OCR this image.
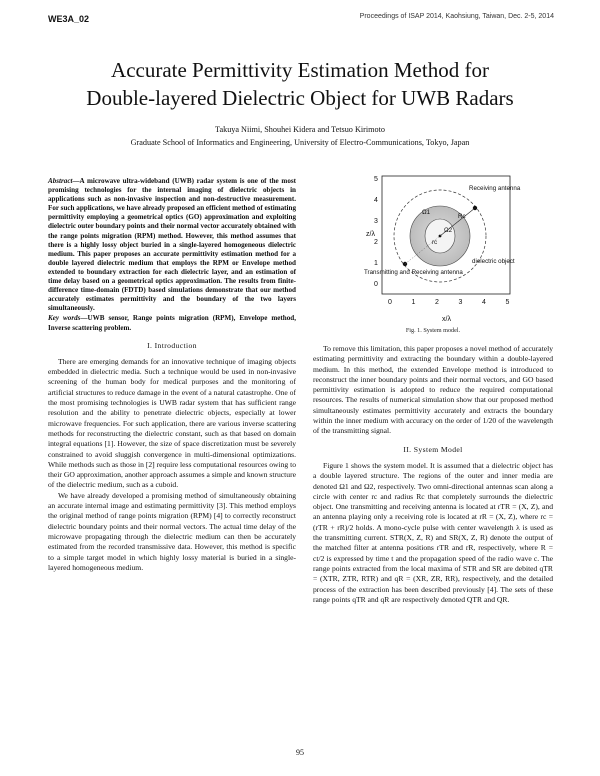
WE3A_02	Proceedings of ISAP 2014, Kaohsiung, Taiwan, Dec. 2-5, 2014
Accurate Permittivity Estimation Method for
Double-layered Dielectric Object for UWB Radars
Takuya Niimi, Shouhei Kidera and Tetsuo Kirimoto
Graduate School of Informatics and Engineering, University of Electro-Communications, Tokyo, Japan

Abstract—A microwave ultra-wideband (UWB) radar system is one of the most promising technologies for the internal imaging of dielectric objects in applications such as non-invasive inspection and non-destructive measurement. For such applications, we have already proposed an efficient method of estimating permittivity employing a geometrical optics (GO) approximation and exploiting dielectric outer boundary points and their normal vector accurately obtained with the range points migration (RPM) method. However, this method assumes that there is a highly lossy object buried in a single-layered homogeneous dielectric medium. This paper proposes an accurate permittivity estimation method for a double layered dielectric medium that employs the RPM or Envelope method extended to boundary extraction for each dielectric layer, and an estimation of time delay based on a geometrical optics approximation. The results from finite-difference time-domain (FDTD) based simulations demonstrate that our method accurately estimates permittivity and the boundary of the two layers simultaneously.

Key words—UWB sensor, Range points migration (RPM), Envelope method, Inverse scattering problem.

I. Introduction

There are emerging demands for an innovative technique of imaging objects embedded in dielectric media. Such a technique would be used in non-invasive screening of the human body for medical purposes and the monitoring of artificial structures to reduce damage in the event of a natural catastrophe. One of the most promising technologies is UWB radar system that has sufficient range resolution and the ability to penetrate dielectric objects, especially at lower microwave frequencies. For such application, there are various inverse scattering methods for reconstructing the dielectric constant, such as that based on domain integral equations [1]. However, the size of space discretization must be severely constrained to avoid sluggish convergence in multi-dimensional optimizations. While methods such as those in [2] require less computational resources owing to their GO approximation, another approach assumes a simple and known structure of the dielectric medium, such as a cuboid.

We have already developed a promising method of simultaneously obtaining an accurate internal image and estimating permittivity [3]. This method employs the original method of range points migration (RPM) [4] to correctly reconstruct dielectric boundary points and their normal vectors. The actual time delay of the microwave propagating through the dielectric medium can then be accurately estimated from the recorded transmissive data. However, this method is specific to a simple target model in which highly lossy material is buried in a single-layered homogeneous medium.

Receiving antenna R
Transmitting and Receiving antenna
dielectric object
Ω1
Ω2
rc
Rc
x/λ
z/λ
0	1	2	3	4	5
0
1
2
3
4
5
Fig. 1. System model.

To remove this limitation, this paper proposes a novel method of accurately estimating permittivity and extracting the boundary within a double-layered medium. In this method, the extended Envelope method is introduced to reconstruct the inner boundary points and their normal vectors, and GO based permittivity estimation is adopted to reduce the required computational resources. The results of numerical simulation show that our proposed method simultaneously estimates permittivity accurately and extracts the boundary within the inner medium with accuracy on the order of 1/20 of the wavelength of the transmitting signal.

II. System Model

Figure 1 shows the system model. It is assumed that a dielectric object has a double layered structure. The regions of the outer and inner media are denoted Ω1 and Ω2, respectively. Two omni-directional antennas scan along a circle with center rc and radius Rc that completely surrounds the dielectric object. One transmitting and receiving antenna is located at rTR = (X, Z), and an antenna playing only a receiving role is located at rR = (X, Z), where rc = (rTR + rR)/2 holds. A mono-cycle pulse with center wavelength λ is used as the transmitting current. STR(X, Z, R) and SR(X, Z, R) denote the output of the matched filter at antenna positions rTR and rR, respectively, where R = ct/2 is expressed by time t and the propagation speed of the radio wave c. The range points extracted from the local maxima of STR and SR are debited qTR = (XTR, ZTR, RTR) and qR = (XR, ZR, RR), respectively, and the detailed process of the extraction has been described previously [4]. The sets of these range points qTR and qR are respectively denoted QTR and QR.

95
